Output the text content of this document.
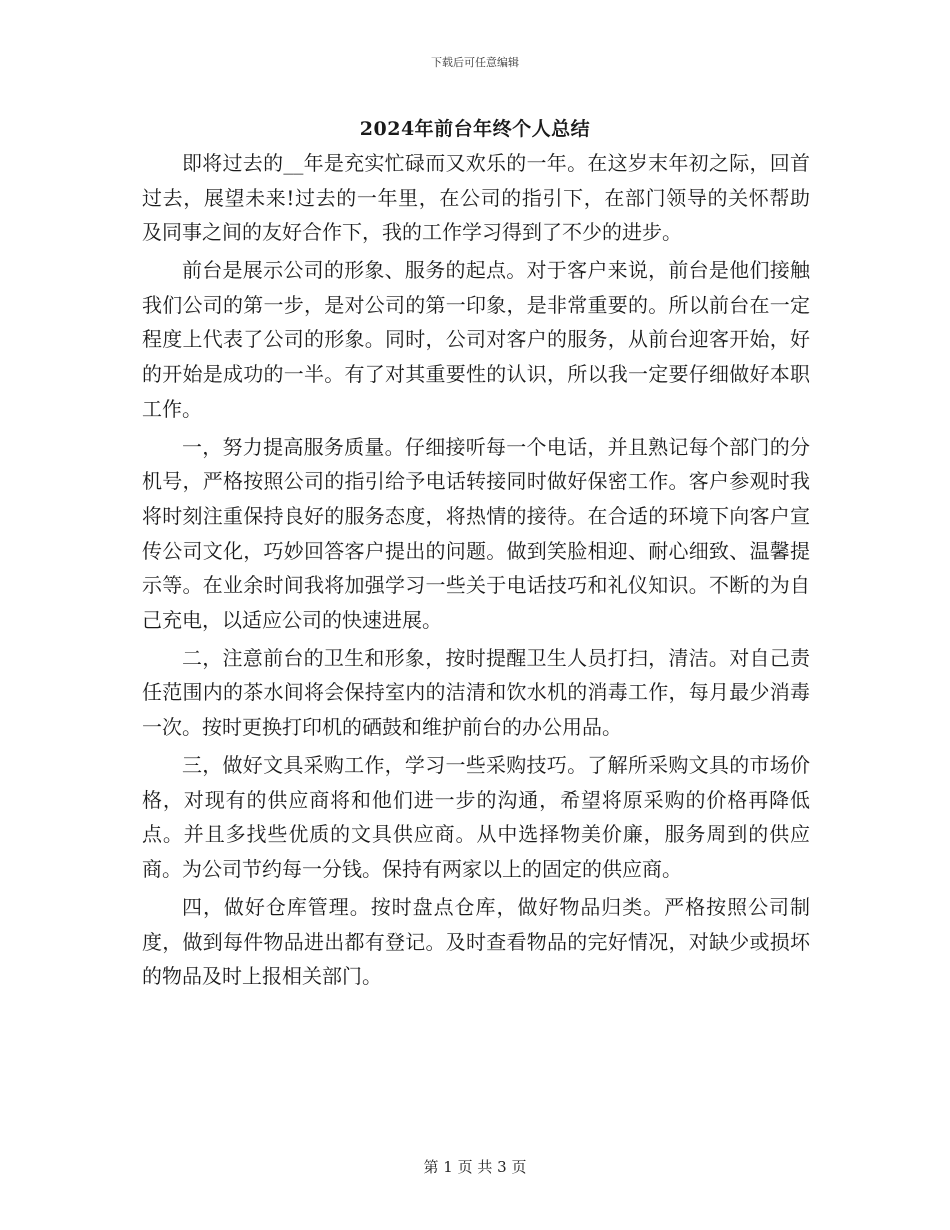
下载后可任意编辑
2024年前台年终个人总结

即将过去的__年是充实忙碌而又欢乐的一年。在这岁末年初之际，回首过去，展望未来!过去的一年里，在公司的指引下，在部门领导的关怀帮助及同事之间的友好合作下，我的工作学习得到了不少的进步。

前台是展示公司的形象、服务的起点。对于客户来说，前台是他们接触我们公司的第一步，是对公司的第一印象，是非常重要的。所以前台在一定程度上代表了公司的形象。同时，公司对客户的服务，从前台迎客开始，好的开始是成功的一半。有了对其重要性的认识，所以我一定要仔细做好本职工作。

一，努力提高服务质量。仔细接听每一个电话，并且熟记每个部门的分机号，严格按照公司的指引给予电话转接同时做好保密工作。客户参观时我将时刻注重保持良好的服务态度，将热情的接待。在合适的环境下向客户宣传公司文化，巧妙回答客户提出的问题。做到笑脸相迎、耐心细致、温馨提示等。在业余时间我将加强学习一些关于电话技巧和礼仪知识。不断的为自己充电，以适应公司的快速进展。

二，注意前台的卫生和形象，按时提醒卫生人员打扫，清洁。对自己责任范围内的茶水间将会保持室内的洁清和饮水机的消毒工作，每月最少消毒一次。按时更换打印机的硒鼓和维护前台的办公用品。

三，做好文具采购工作，学习一些采购技巧。了解所采购文具的市场价格，对现有的供应商将和他们进一步的沟通，希望将原采购的价格再降低点。并且多找些优质的文具供应商。从中选择物美价廉，服务周到的供应商。为公司节约每一分钱。保持有两家以上的固定的供应商。

四，做好仓库管理。按时盘点仓库，做好物品归类。严格按照公司制度，做到每件物品进出都有登记。及时查看物品的完好情况，对缺少或损坏的物品及时上报相关部门。

第 1 页 共 3 页
